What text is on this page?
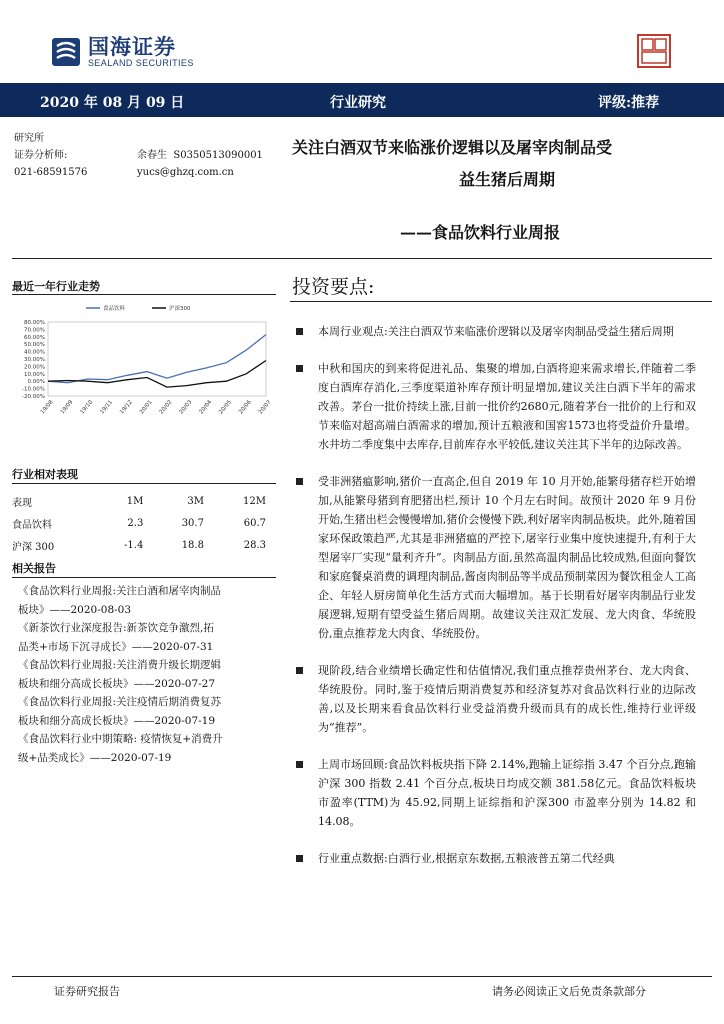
国海证券
SEALAND SECURITIES
2020 年 08 月 09 日	行业研究	评级:推荐
研究所
证券分析师:
021-68591576
余春生 S0350513090001
yucs@ghzq.com.cn
关注白酒双节来临涨价逻辑以及屠宰肉制品受
益生猪后周期
——食品饮料行业周报
最近一年行业走势
80.00%
70.00%
60.00%
50.00%
40.00%
30.00%
20.00%
10.00%
0.00%
-10.00%
-20.00%
19/08 19/09 19/10 19/11 19/12 20/01 20/02 20/03 20/04 20/05 20/06 20/07
食品饮料	沪深300
行业相对表现
表现	1M	3M	12M
食品饮料	2.3	30.7	60.7
沪深 300	-1.4	18.8	28.3
相关报告
《食品饮料行业周报:关注白酒和屠宰肉制品
板块》——2020-08-03
《新茶饮行业深度报告:新茶饮竞争激烈,拓
品类+市场下沉寻成长》——2020-07-31
《食品饮料行业周报:关注消费升级长期逻辑
板块和细分高成长板块》——2020-07-27
《食品饮料行业周报:关注疫情后期消费复苏
板块和细分高成长板块》——2020-07-19
《食品饮料行业中期策略: 疫情恢复+消费升
级+品类成长》——2020-07-19
投资要点:
本周行业观点:关注白酒双节来临涨价逻辑以及屠宰肉制品受益生猪后周期
中秋和国庆的到来将促进礼品、集聚的增加,白酒将迎来需求增长,伴随着二季度白酒库存消化,三季度渠道补库存预计明显增加,建议关注白酒下半年的需求改善。茅台一批价持续上涨,目前一批价约2680元,随着茅台一批价的上行和双节来临对超高端白酒需求的增加,预计五粮液和国窖1573也将受益价升量增。水井坊二季度集中去库存,目前库存水平较低,建议关注其下半年的边际改善。
受非洲猪瘟影响,猪价一直高企,但自 2019 年 10 月开始,能繁母猪存栏开始增加,从能繁母猪到育肥猪出栏,预计 10 个月左右时间。故预计 2020 年 9 月份开始,生猪出栏会慢慢增加,猪价会慢慢下跌,利好屠宰肉制品板块。此外,随着国家环保政策趋严,尤其是非洲猪瘟的严控下,屠宰行业集中度快速提升,有利于大型屠宰厂实现“量利齐升”。肉制品方面,虽然高温肉制品比较成熟,但面向餐饮和家庭餐桌消费的调理肉制品,酱卤肉制品等半成品预制菜因为餐饮租金人工高企、年轻人厨房简单化生活方式而大幅增加。基于长期看好屠宰肉制品行业发展逻辑,短期有望受益生猪后周期。故建议关注双汇发展、龙大肉食、华统股份,重点推荐龙大肉食、华统股份。
现阶段,结合业绩增长确定性和估值情况,我们重点推荐贵州茅台、龙大肉食、华统股份。同时,鉴于疫情后期消费复苏和经济复苏对食品饮料行业的边际改善,以及长期来看食品饮料行业受益消费升级而具有的成长性,维持行业评级为“推荐”。
上周市场回顾:食品饮料板块指下降 2.14%,跑输上证综指 3.47 个百分点,跑输沪深 300 指数 2.41 个百分点,板块日均成交额 381.58亿元。食品饮料板块市盈率(TTM)为 45.92,同期上证综指和沪深300 市盈率分别为 14.82 和 14.08。
行业重点数据:白酒行业,根据京东数据,五粮液普五第二代经典
证券研究报告	请务必阅读正文后免责条款部分
